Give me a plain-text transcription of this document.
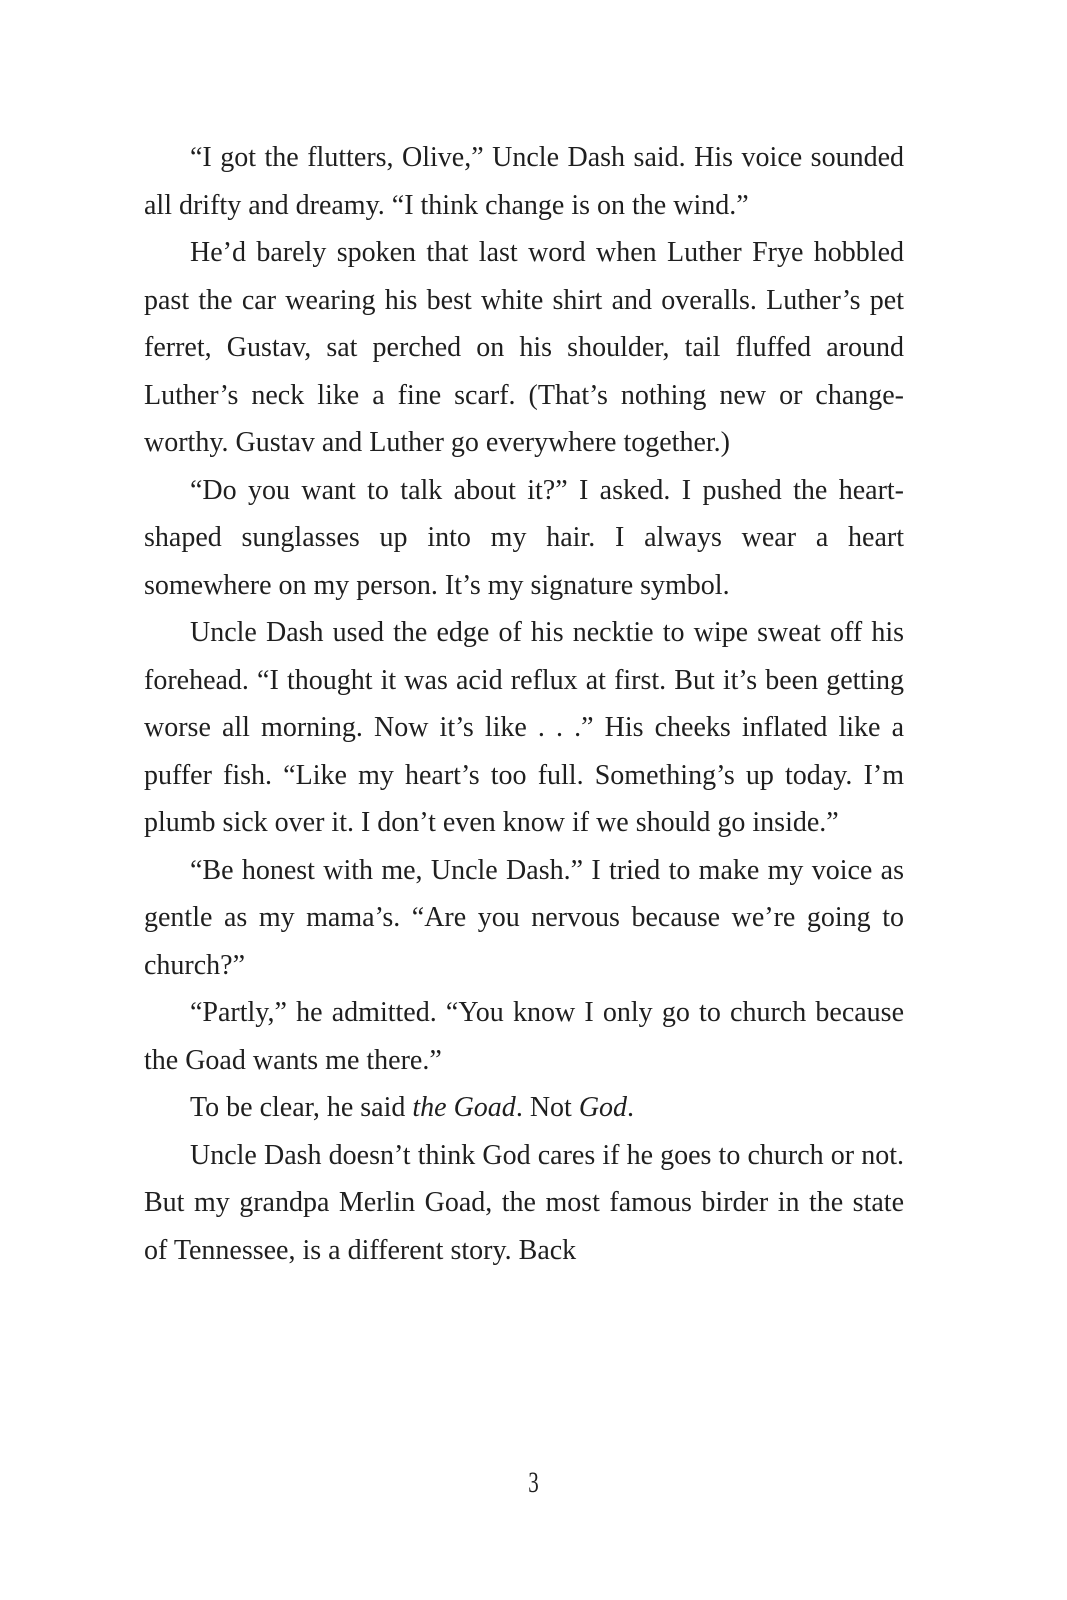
“I got the flutters, Olive,” Uncle Dash said. His voice sounded all drifty and dreamy. “I think change is on the wind.”

He’d barely spoken that last word when Luther Frye hobbled past the car wearing his best white shirt and overalls. Luther’s pet ferret, Gustav, sat perched on his shoulder, tail fluffed around Luther’s neck like a fine scarf. (That’s nothing new or change-worthy. Gustav and Luther go everywhere together.)

“Do you want to talk about it?” I asked. I pushed the heart-shaped sunglasses up into my hair. I always wear a heart somewhere on my person. It’s my signature symbol.

Uncle Dash used the edge of his necktie to wipe sweat off his forehead. “I thought it was acid reflux at first. But it’s been getting worse all morning. Now it’s like . . .” His cheeks inflated like a puffer fish. “Like my heart’s too full. Something’s up today. I’m plumb sick over it. I don’t even know if we should go inside.”

“Be honest with me, Uncle Dash.” I tried to make my voice as gentle as my mama’s. “Are you nervous because we’re going to church?”

“Partly,” he admitted. “You know I only go to church because the Goad wants me there.”

To be clear, he said the Goad. Not God.

Uncle Dash doesn’t think God cares if he goes to church or not. But my grandpa Merlin Goad, the most famous birder in the state of Tennessee, is a different story. Back

3
